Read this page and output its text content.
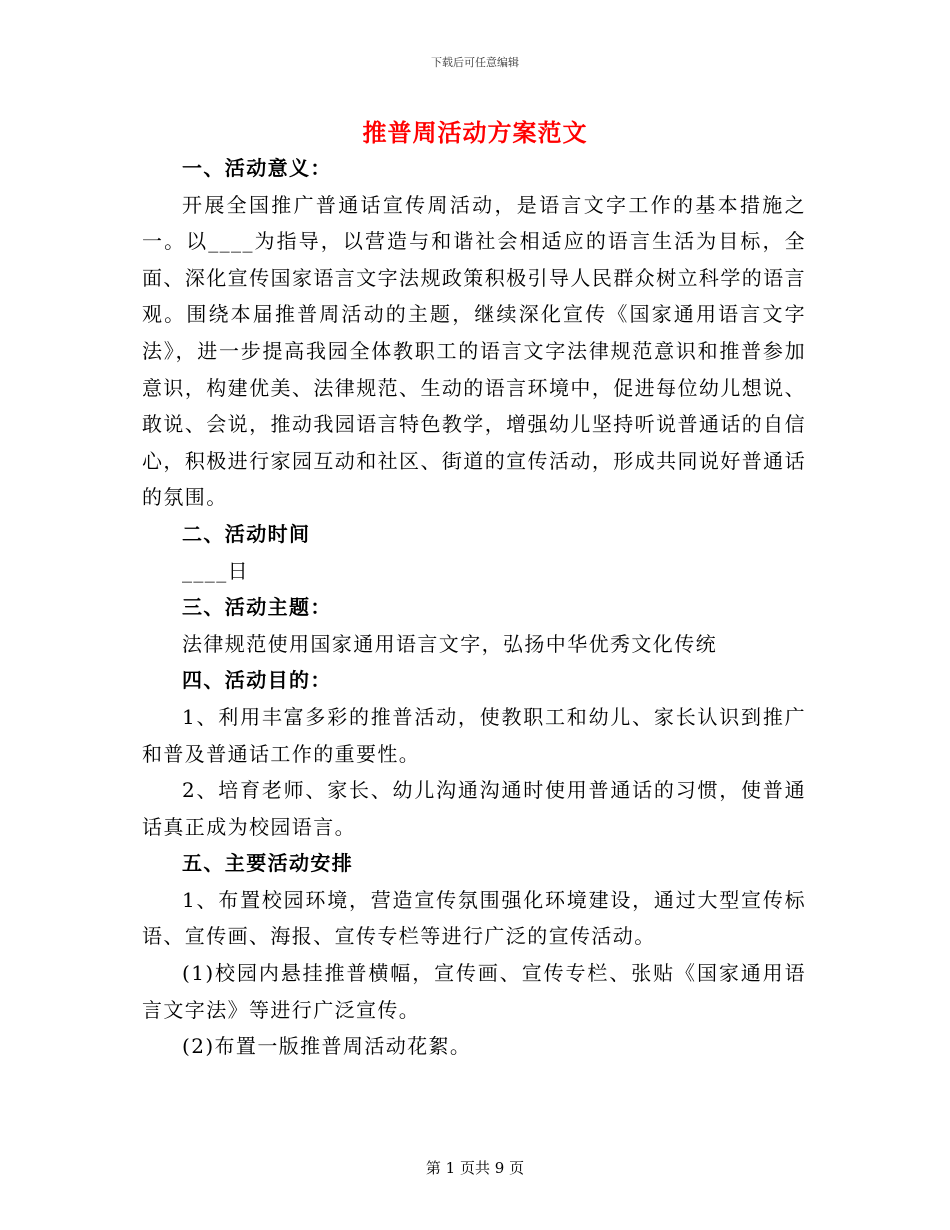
下载后可任意编辑
推普周活动方案范文

一、活动意义：

开展全国推广普通话宣传周活动，是语言文字工作的基本措施之一。以____为指导，以营造与和谐社会相适应的语言生活为目标，全面、深化宣传国家语言文字法规政策积极引导人民群众树立科学的语言观。围绕本届推普周活动的主题，继续深化宣传《国家通用语言文字法》，进一步提高我园全体教职工的语言文字法律规范意识和推普参加意识，构建优美、法律规范、生动的语言环境中，促进每位幼儿想说、敢说、会说，推动我园语言特色教学，增强幼儿坚持听说普通话的自信心，积极进行家园互动和社区、街道的宣传活动，形成共同说好普通话的氛围。

二、活动时间

____日

三、活动主题：

法律规范使用国家通用语言文字，弘扬中华优秀文化传统

四、活动目的：

1、利用丰富多彩的推普活动，使教职工和幼儿、家长认识到推广和普及普通话工作的重要性。

2、培育老师、家长、幼儿沟通沟通时使用普通话的习惯，使普通话真正成为校园语言。

五、主要活动安排

1、布置校园环境，营造宣传氛围强化环境建设，通过大型宣传标语、宣传画、海报、宣传专栏等进行广泛的宣传活动。

(1)校园内悬挂推普横幅，宣传画、宣传专栏、张贴《国家通用语言文字法》等进行广泛宣传。

(2)布置一版推普周活动花絮。

第 1 页共 9 页
